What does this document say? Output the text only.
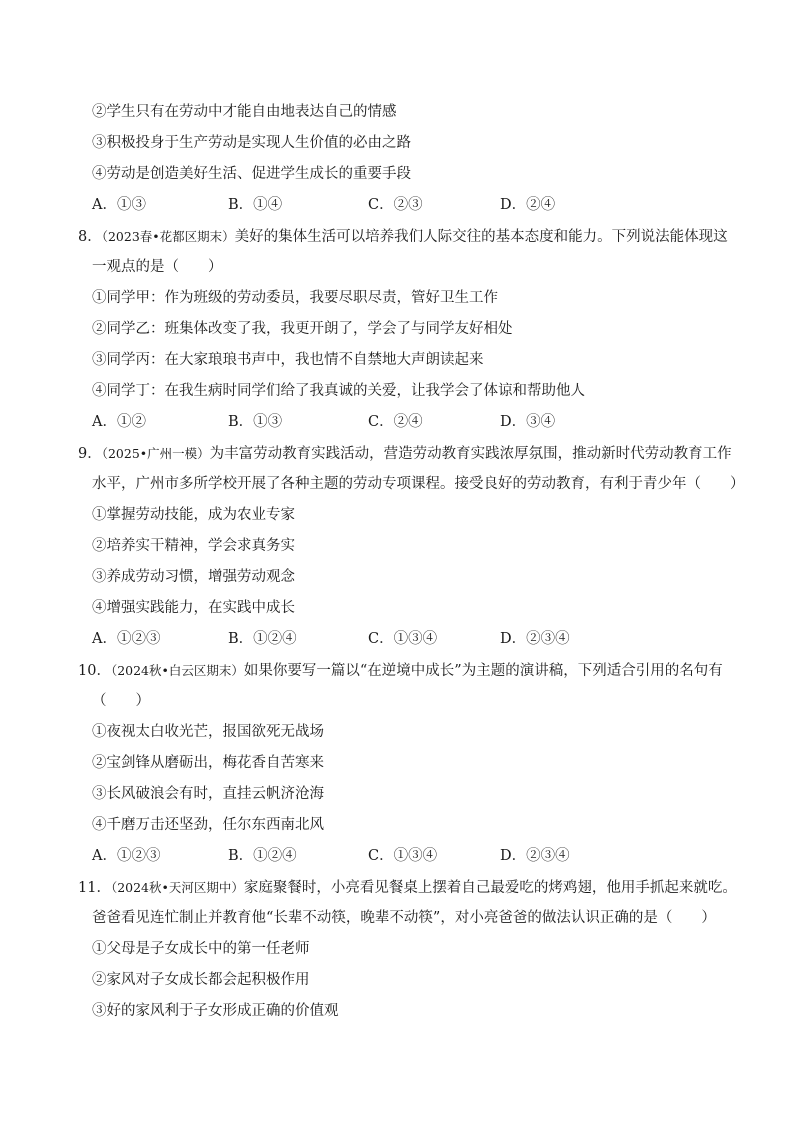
②学生只有在劳动中才能自由地表达自己的情感
③积极投身于生产劳动是实现人生价值的必由之路
④劳动是创造美好生活、促进学生成长的重要手段
A．①③	B．①④	C．②③	D．②④
8．（2023春•花都区期末）美好的集体生活可以培养我们人际交往的基本态度和能力。下列说法能体现这
一观点的是（　　）
①同学甲：作为班级的劳动委员，我要尽职尽责，管好卫生工作
②同学乙：班集体改变了我，我更开朗了，学会了与同学友好相处
③同学丙：在大家琅琅书声中，我也情不自禁地大声朗读起来
④同学丁：在我生病时同学们给了我真诚的关爱，让我学会了体谅和帮助他人
A．①②	B．①③	C．②④	D．③④
9．（2025•广州一模）为丰富劳动教育实践活动，营造劳动教育实践浓厚氛围，推动新时代劳动教育工作
水平，广州市多所学校开展了各种主题的劳动专项课程。接受良好的劳动教育，有利于青少年（　　）
①掌握劳动技能，成为农业专家
②培养实干精神，学会求真务实
③养成劳动习惯，增强劳动观念
④增强实践能力，在实践中成长
A．①②③	B．①②④	C．①③④	D．②③④
10．（2024秋•白云区期末）如果你要写一篇以“在逆境中成长”为主题的演讲稿，下列适合引用的名句有
（　　）
①夜视太白收光芒，报国欲死无战场
②宝剑锋从磨砺出，梅花香自苦寒来
③长风破浪会有时，直挂云帆济沧海
④千磨万击还坚劲，任尔东西南北风
A．①②③	B．①②④	C．①③④	D．②③④
11．（2024秋•天河区期中）家庭聚餐时，小亮看见餐桌上摆着自己最爱吃的烤鸡翅，他用手抓起来就吃。
爸爸看见连忙制止并教育他“长辈不动筷，晚辈不动筷”，对小亮爸爸的做法认识正确的是（　　）
①父母是子女成长中的第一任老师
②家风对子女成长都会起积极作用
③好的家风利于子女形成正确的价值观
